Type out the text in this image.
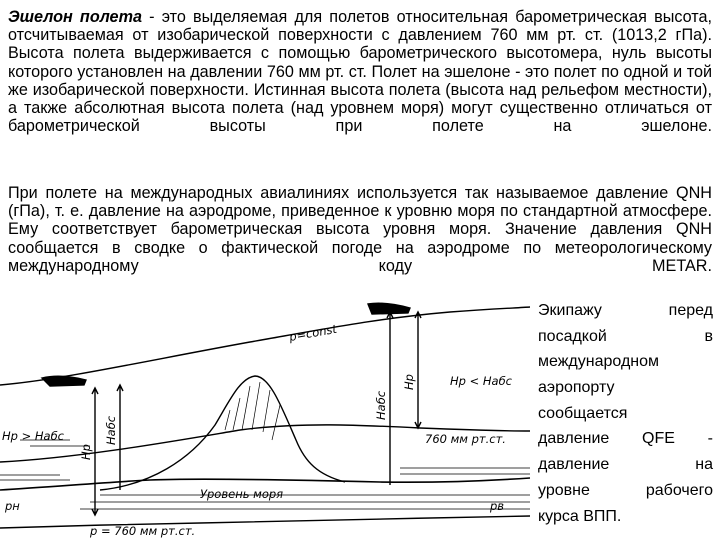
Эшелон полета - это выделяемая для полетов относительная барометрическая высота, отсчитываемая от изобарической поверхности с давлением 760 мм рт. ст. (1013,2 гПа). Высота полета выдерживается с помощью барометрического высотомера, нуль высоты которого установлен на давлении 760 мм рт. ст. Полет на эшелоне - это полет по одной и той же изобарической поверхности. Истинная высота полета (высота над рельефом местности), а также абсолютная высота полета (над уровнем моря) могут существенно отличаться от барометрической высоты при полете на эшелоне.

При полете на международных авиалиниях используется так называемое давление QNH (гПа), т. е. давление на аэродроме, приведенное к уровню моря по стандартной атмосфере. Ему соответствует барометрическая высота уровня моря. Значение давления QNH сообщается в сводке о фактической погоде на аэродроме по метеорологическому международному коду METAR.

Экипажу перед
посадкой в
международном
аэропорту
сообщается
давление QFE -
давление на
уровне рабочего
курса ВПП.
p=const
760 мм рт.ст.
p = 760 мм рт.ст.
Уровень моря
Hр > Hабс
Hр < Hабс
Hр
Hабс
Hабс
Hр
pн	pв
